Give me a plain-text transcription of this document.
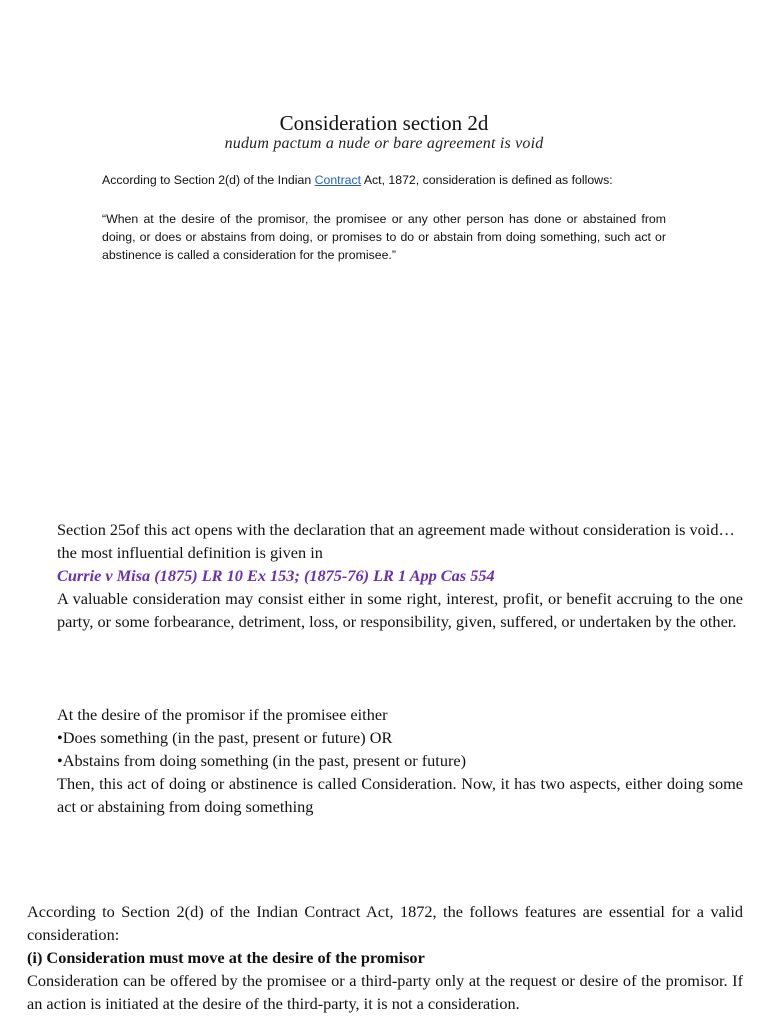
Consideration section 2d
nudum pactum a nude or bare agreement is void
According to Section 2(d) of the Indian Contract Act, 1872, consideration is defined as follows:
“When at the desire of the promisor, the promisee or any other person has done or abstained from doing, or does or abstains from doing, or promises to do or abstain from doing something, such act or abstinence is called a consideration for the promisee.”

Section 25of this act opens with the declaration that an agreement made without consideration is void…

the most influential definition is given in

Currie v Misa (1875) LR 10 Ex 153; (1875-76) LR 1 App Cas 554

A valuable consideration may consist either in some right, interest, profit, or benefit accruing to the one party, or some forbearance, detriment, loss, or responsibility, given, suffered, or undertaken by the other.

At the desire of the promisor if the promisee either

•Does something (in the past, present or future) OR

•Abstains from doing something (in the past, present or future)

Then, this act of doing or abstinence is called Consideration. Now, it has two aspects, either doing some act or abstaining from doing something

According to Section 2(d) of the Indian Contract Act, 1872, the follows features are essential for a valid consideration:

(i) Consideration must move at the desire of the promisor

Consideration can be offered by the promisee or a third-party only at the request or desire of the promisor. If an action is initiated at the desire of the third-party, it is not a consideration.
